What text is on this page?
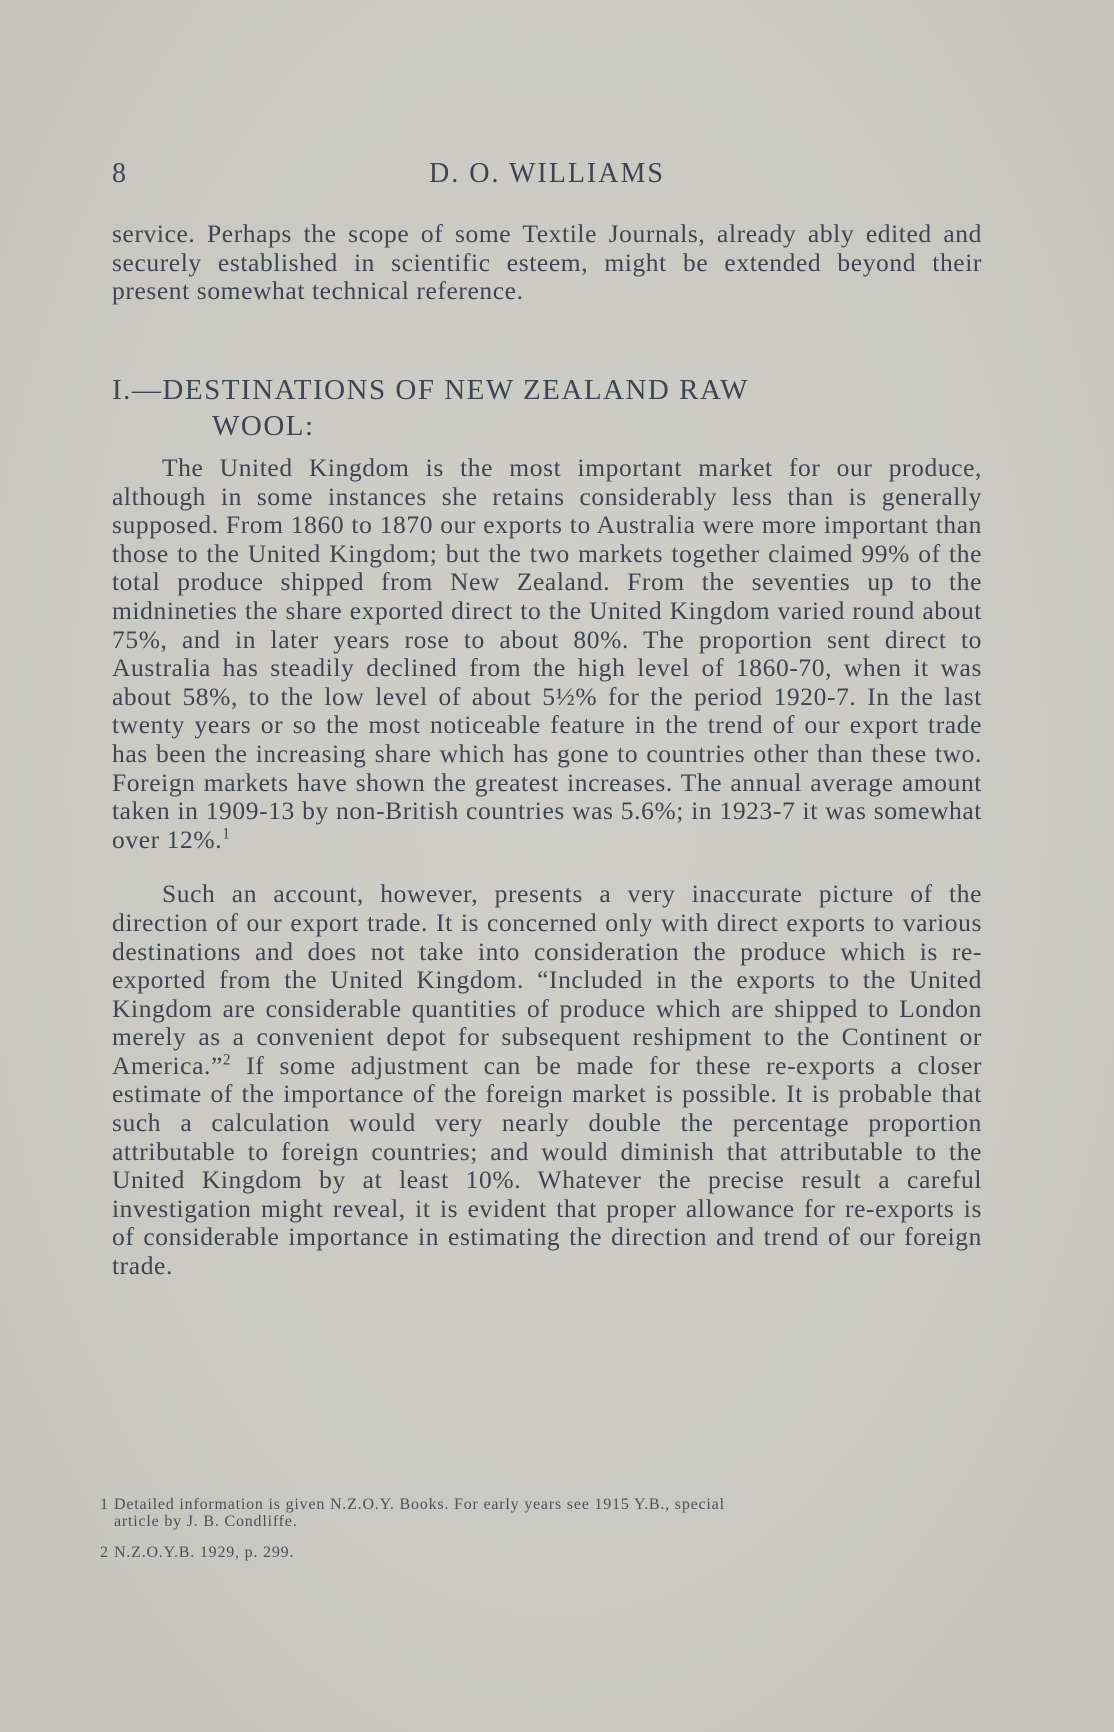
8	D. O. WILLIAMS

service. Perhaps the scope of some Textile Journals, already ably edited and securely established in scientific esteem, might be extended beyond their present somewhat technical reference.

I.—DESTINATIONS OF NEW ZEALAND RAW
WOOL:

The United Kingdom is the most important market for our produce, although in some instances she retains considerably less than is generally supposed. From 1860 to 1870 our exports to Australia were more important than those to the United Kingdom; but the two markets together claimed 99% of the total produce shipped from New Zealand. From the seventies up to the midnineties the share exported direct to the United Kingdom varied round about 75%, and in later years rose to about 80%. The proportion sent direct to Australia has steadily declined from the high level of 1860-70, when it was about 58%, to the low level of about 5½% for the period 1920-7. In the last twenty years or so the most noticeable feature in the trend of our export trade has been the increasing share which has gone to countries other than these two. Foreign markets have shown the greatest increases. The annual average amount taken in 1909-13 by non-British countries was 5.6%; in 1923-7 it was somewhat over 12%.$^1$

Such an account, however, presents a very inaccurate picture of the direction of our export trade. It is concerned only with direct exports to various destinations and does not take into consideration the produce which is re-exported from the United Kingdom. “Included in the exports to the United Kingdom are considerable quantities of produce which are shipped to London merely as a convenient depot for subsequent reshipment to the Continent or America.”$^2$ If some adjustment can be made for these re-exports a closer estimate of the importance of the foreign market is possible. It is probable that such a calculation would very nearly double the percentage proportion attributable to foreign countries; and would diminish that attributable to the United Kingdom by at least 10%. Whatever the precise result a careful investigation might reveal, it is evident that proper allowance for re-exports is of considerable importance in estimating the direction and trend of our foreign trade.

1 Detailed information is given N.Z.O.Y. Books. For early years see 1915 Y.B., special
article by J. B. Condliffe.
2 N.Z.O.Y.B. 1929, p. 299.
